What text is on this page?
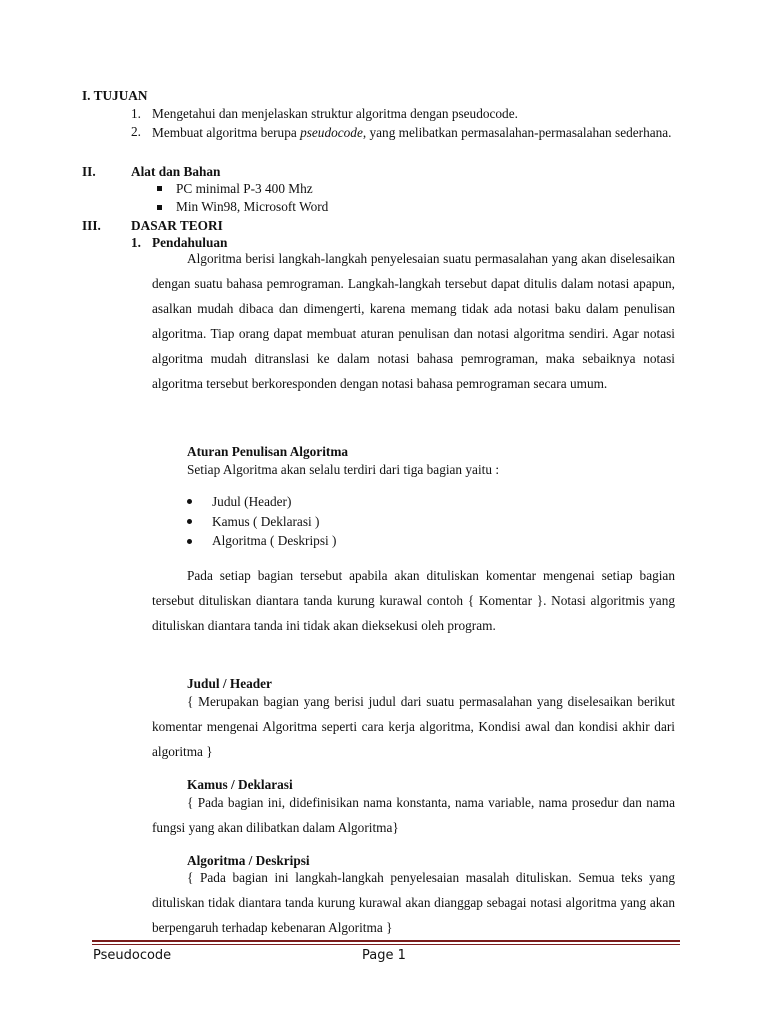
I. TUJUAN
1. Mengetahui dan menjelaskan struktur algoritma dengan pseudocode.
2. Membuat algoritma berupa pseudocode, yang melibatkan permasalahan-permasalahan sederhana.
II.	Alat dan Bahan
PC minimal P-3 400 Mhz
Min Win98, Microsoft Word
III. DASAR TEORI
1. Pendahuluan
Algoritma berisi langkah-langkah penyelesaian suatu permasalahan yang akan diselesaikan dengan suatu bahasa pemrograman. Langkah-langkah tersebut dapat ditulis dalam notasi apapun, asalkan mudah dibaca dan dimengerti, karena memang tidak ada notasi baku dalam penulisan algoritma. Tiap orang dapat membuat aturan penulisan dan notasi algoritma sendiri. Agar notasi algoritma mudah ditranslasi ke dalam notasi bahasa pemrograman, maka sebaiknya notasi algoritma tersebut berkoresponden dengan notasi bahasa pemrograman secara umum.
Aturan Penulisan Algoritma
Setiap Algoritma akan selalu terdiri dari tiga bagian yaitu :
Judul (Header)
Kamus ( Deklarasi )
Algoritma ( Deskripsi )
Pada setiap bagian tersebut apabila akan dituliskan komentar mengenai setiap bagian tersebut dituliskan diantara tanda kurung kurawal contoh { Komentar }. Notasi algoritmis yang dituliskan diantara tanda ini tidak akan dieksekusi oleh program.
Judul / Header
{ Merupakan bagian yang berisi judul dari suatu permasalahan yang diselesaikan berikut komentar mengenai Algoritma seperti cara kerja algoritma, Kondisi awal dan kondisi akhir dari algoritma }
Kamus / Deklarasi
{ Pada bagian ini, didefinisikan nama konstanta, nama variable, nama prosedur dan nama fungsi yang akan dilibatkan dalam Algoritma}
Algoritma / Deskripsi
{ Pada bagian ini langkah-langkah penyelesaian masalah dituliskan. Semua teks yang dituliskan tidak diantara tanda kurung kurawal akan dianggap sebagai notasi algoritma yang akan berpengaruh terhadap kebenaran Algoritma }
Pseudocode	Page 1
